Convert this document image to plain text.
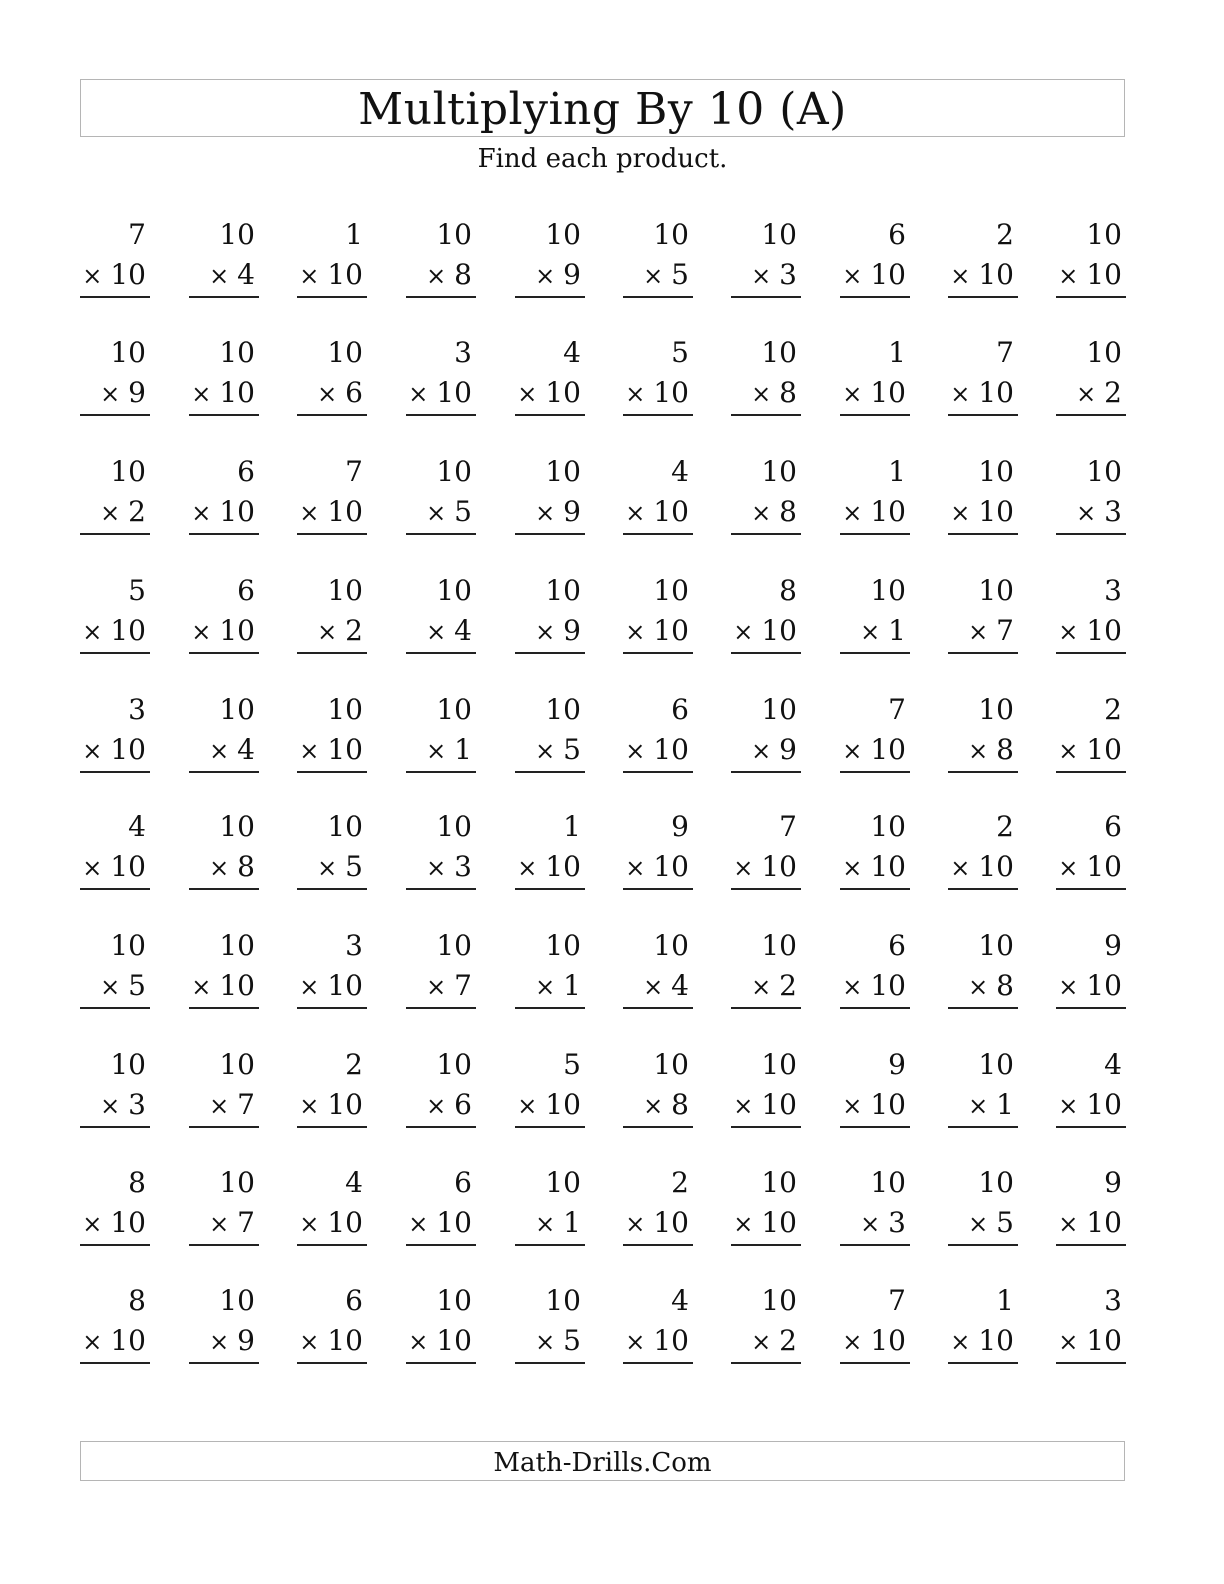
Multiplying By 10 (A)
Find each product.
7
× 10
10
× 4
1
× 10
10
× 8
10
× 9
10
× 5
10
× 3
6
× 10
2
× 10
10
× 10
10
× 9
10
× 10
10
× 6
3
× 10
4
× 10
5
× 10
10
× 8
1
× 10
7
× 10
10
× 2
10
× 2
6
× 10
7
× 10
10
× 5
10
× 9
4
× 10
10
× 8
1
× 10
10
× 10
10
× 3
5
× 10
6
× 10
10
× 2
10
× 4
10
× 9
10
× 10
8
× 10
10
× 1
10
× 7
3
× 10
3
× 10
10
× 4
10
× 10
10
× 1
10
× 5
6
× 10
10
× 9
7
× 10
10
× 8
2
× 10
4
× 10
10
× 8
10
× 5
10
× 3
1
× 10
9
× 10
7
× 10
10
× 10
2
× 10
6
× 10
10
× 5
10
× 10
3
× 10
10
× 7
10
× 1
10
× 4
10
× 2
6
× 10
10
× 8
9
× 10
10
× 3
10
× 7
2
× 10
10
× 6
5
× 10
10
× 8
10
× 10
9
× 10
10
× 1
4
× 10
8
× 10
10
× 7
4
× 10
6
× 10
10
× 1
2
× 10
10
× 10
10
× 3
10
× 5
9
× 10
8
× 10
10
× 9
6
× 10
10
× 10
10
× 5
4
× 10
10
× 2
7
× 10
1
× 10
3
× 10
Math-Drills.Com
